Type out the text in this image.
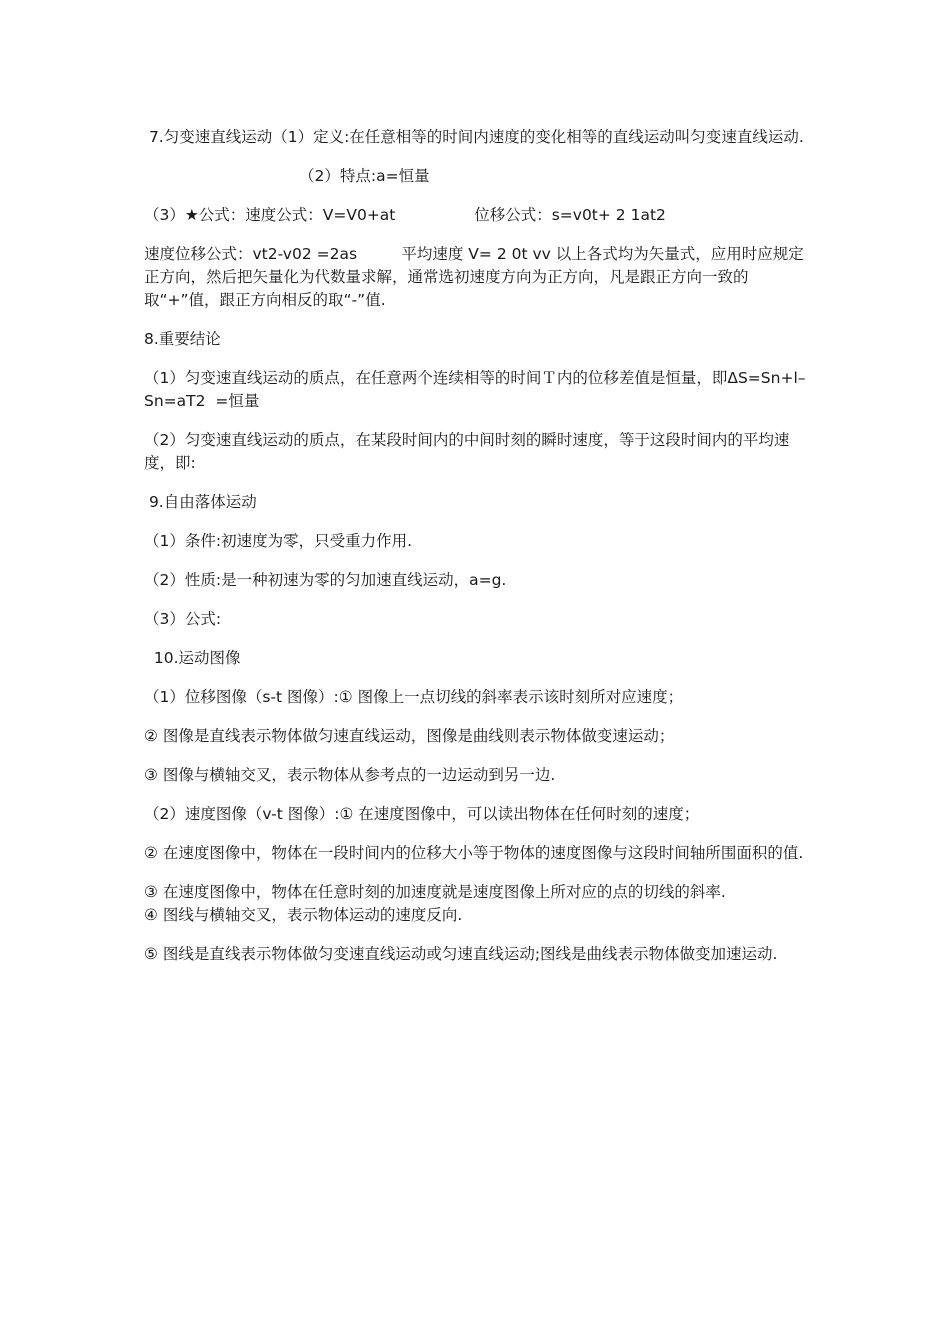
7.匀变速直线运动（1）定义:在任意相等的时间内速度的变化相等的直线运动叫匀变速直线运动.

（2）特点:a=恒量

（3）★公式：速度公式：V=V0+at                位移公式：s=v0t+ 2 1at2

速度位移公式：vt2-v02 =2as         平均速度 V= 2 0t vv 以上各式均为矢量式，应用时应规定正方向，然后把矢量化为代数量求解，通常选初速度方向为正方向，凡是跟正方向一致的取“+”值，跟正方向相反的取“-”值.

8.重要结论

（1）匀变速直线运动的质点，在任意两个连续相等的时间Ｔ内的位移差值是恒量，即ΔS=Sn+l–Sn=aT2  =恒量

（2）匀变速直线运动的质点，在某段时间内的中间时刻的瞬时速度，等于这段时间内的平均速度，即:

9.自由落体运动

（1）条件:初速度为零，只受重力作用.

（2）性质:是一种初速为零的匀加速直线运动，a=g.

（3）公式:

10.运动图像

（1）位移图像（s-t 图像）:① 图像上一点切线的斜率表示该时刻所对应速度；

② 图像是直线表示物体做匀速直线运动，图像是曲线则表示物体做变速运动；

③ 图像与横轴交叉，表示物体从参考点的一边运动到另一边.

（2）速度图像（v-t 图像）:① 在速度图像中，可以读出物体在任何时刻的速度；

② 在速度图像中，物体在一段时间内的位移大小等于物体的速度图像与这段时间轴所围面积的值.

③ 在速度图像中，物体在任意时刻的加速度就是速度图像上所对应的点的切线的斜率.

④ 图线与横轴交叉，表示物体运动的速度反向.

⑤ 图线是直线表示物体做匀变速直线运动或匀速直线运动;图线是曲线表示物体做变加速运动.
